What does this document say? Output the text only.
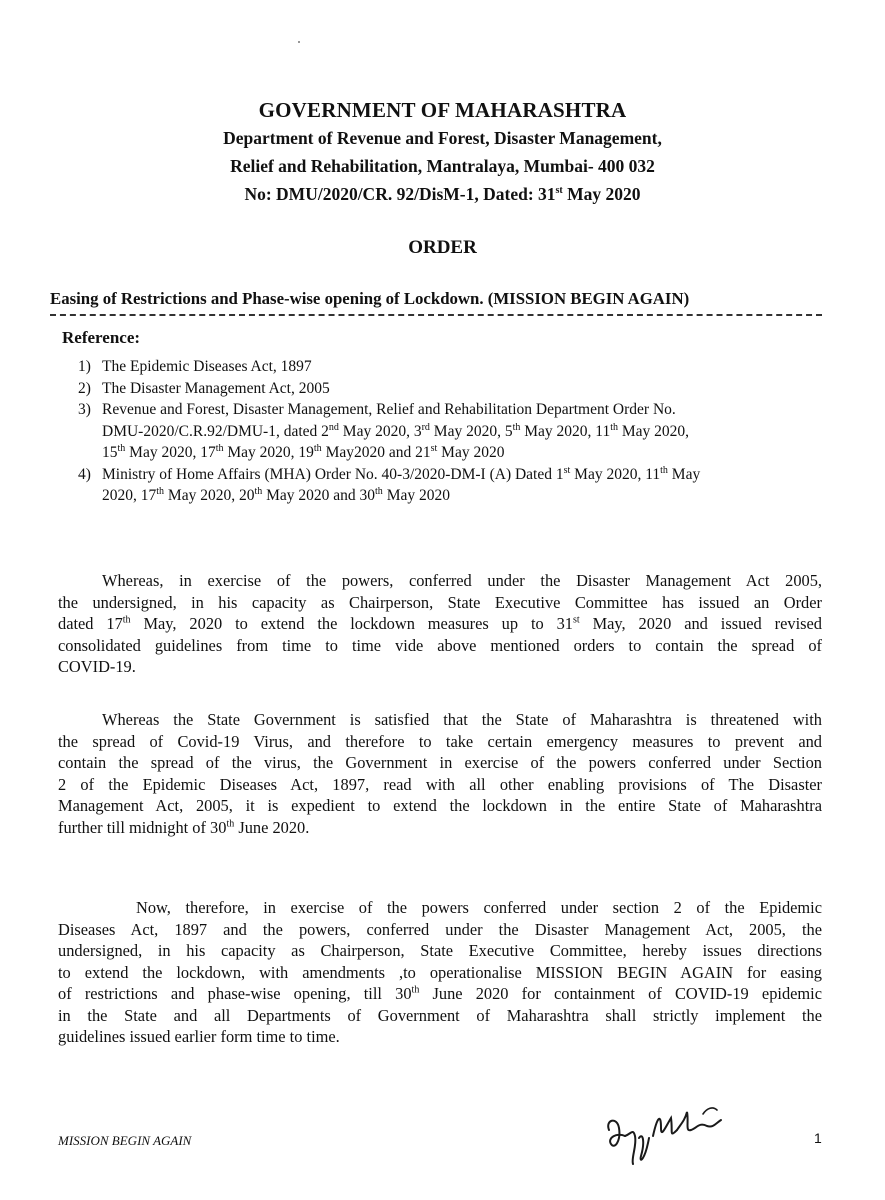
GOVERNMENT OF MAHARASHTRA
Department of Revenue and Forest, Disaster Management,
Relief and Rehabilitation, Mantralaya, Mumbai- 400 032
No: DMU/2020/CR. 92/DisM-1, Dated: 31st May 2020
ORDER
Easing of Restrictions and Phase-wise opening of Lockdown. (MISSION BEGIN AGAIN)
Reference:
1) The Epidemic Diseases Act, 1897
2) The Disaster Management Act, 2005
3) Revenue and Forest, Disaster Management, Relief and Rehabilitation Department Order No.
DMU-2020/C.R.92/DMU-1, dated 2nd May 2020, 3rd May 2020, 5th May 2020, 11th May 2020,
15th May 2020, 17th May 2020, 19th May2020 and 21st May 2020
4) Ministry of Home Affairs (MHA) Order No. 40-3/2020-DM-I (A) Dated 1st May 2020, 11th May
2020, 17th May 2020, 20th May 2020 and 30th May 2020
Whereas, in exercise of the powers, conferred under the Disaster Management Act 2005,
the undersigned, in his capacity as Chairperson, State Executive Committee has issued an Order
dated 17th May, 2020 to extend the lockdown measures up to 31st May, 2020 and issued revised
consolidated guidelines from time to time vide above mentioned orders to contain the spread of
COVID-19.
Whereas the State Government is satisfied that the State of Maharashtra is threatened with
the spread of Covid-19 Virus, and therefore to take certain emergency measures to prevent and
contain the spread of the virus, the Government in exercise of the powers conferred under Section
2 of the Epidemic Diseases Act, 1897, read with all other enabling provisions of The Disaster
Management Act, 2005, it is expedient to extend the lockdown in the entire State of Maharashtra
further till midnight of 30th June 2020.
Now, therefore, in exercise of the powers conferred under section 2 of the Epidemic
Diseases Act, 1897 and the powers, conferred under the Disaster Management Act, 2005, the
undersigned, in his capacity as Chairperson, State Executive Committee, hereby issues directions
to extend the lockdown, with amendments ,to operationalise MISSION BEGIN AGAIN for easing
of restrictions and phase-wise opening, till 30th June 2020 for containment of COVID-19 epidemic
in the State and all Departments of Government of Maharashtra shall strictly implement the
guidelines issued earlier form time to time.
MISSION BEGIN AGAIN	1
